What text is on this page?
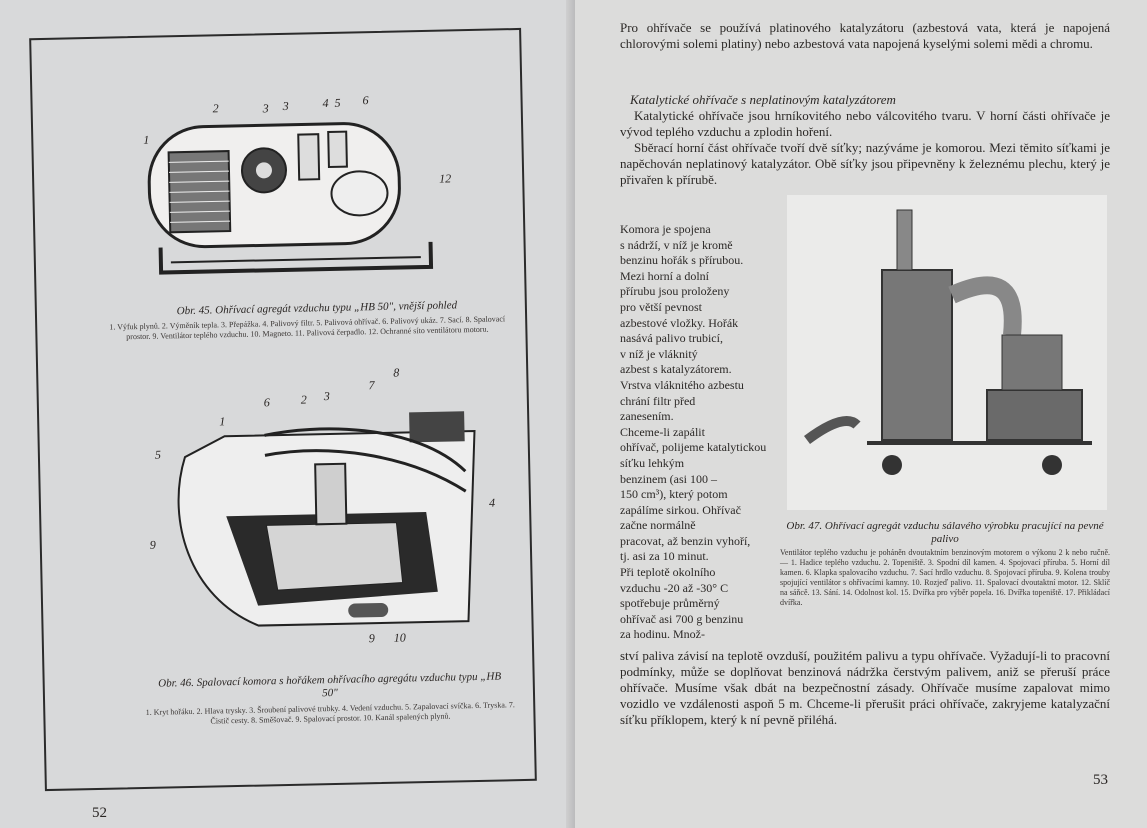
1
2	3 3	4 5 6
12
Obr. 45. Ohřívací agregát vzduchu typu „HB 50", vnější pohled
1. Výfuk plynů. 2. Výměník tepla. 3. Přepážka. 4. Palivový filtr. 5. Palivová ohřívač. 6. Palivový ukáz. 7. Sací. 8. Spalovací prostor. 9. Ventilátor teplého vzduchu. 10. Magneto. 11. Palivová čerpadlo. 12. Ochranné síto ventilátoru motoru.
5
1
6	2 3
7
8
4
9
9 10
Obr. 46. Spalovací komora s hořákem ohřívacího agregátu vzduchu typu „HB 50"
1. Kryt hořáku. 2. Hlava trysky. 3. Šroubení palivové trubky. 4. Vedení vzduchu. 5. Zapalovací svíčka. 6. Tryska. 7. Čistič cesty. 8. Směšovač. 9. Spalovací prostor. 10. Kanál spalených plynů.
52
Pro ohřívače se používá platinového katalyzátoru (azbestová vata, která je napojená chlorovými solemi platiny) nebo azbestová vata napojená kyselými solemi mědi a chromu.
Katalytické ohřívače s neplatinovým katalyzátorem
Katalytické ohřívače jsou hrníkovitého nebo válcovitého tvaru. V horní části ohřívače je vývod teplého vzduchu a zplodin hoření.
Sběrací horní část ohřívače tvoří dvě síťky; nazýváme je komorou. Mezi těmito síťkami je napěchován neplatinový katalyzátor. Obě síťky jsou připevněny k železnému plechu, který je přivařen k přírubě.
Komora je spojena
s nádrží, v níž je kromě
benzinu hořák s přírubou.
Mezi horní a dolní
přírubu jsou proloženy
pro větší pevnost
azbestové vložky. Hořák
nasává palivo trubicí,
v níž je vláknitý
azbest s katalyzátorem.
Vrstva vláknitého azbestu
chrání filtr před
zanesením.
Chceme-li zapálit
ohřívač, polijeme katalytickou
síťku lehkým
benzinem (asi 100 –
150 cm³), který potom
zapálíme sirkou. Ohřívač
začne normálně
pracovat, až benzin vyhoří,
tj. asi za 10 minut.
Při teplotě okolního
vzduchu -20 až -30° C
spotřebuje průměrný
ohřívač asi 700 g benzinu
za hodinu. Množ-
Obr. 47. Ohřívací agregát vzduchu sálavého výrobku pracující na pevné palivo
Ventilátor teplého vzduchu je poháněn dvoutaktním benzinovým motorem o výkonu 2 k nebo ručně. — 1. Hadice teplého vzduchu. 2. Topeniště. 3. Spodní díl kamen. 4. Spojovací příruba. 5. Horní díl kamen. 6. Klapka spalovacího vzduchu. 7. Sací hrdlo vzduchu. 8. Spojovací příruba. 9. Kolena trouby spojující ventilátor s ohřívacími kamny. 10. Rozjeď palivo. 11. Spalovací dvoutaktní motor. 12. Sklíč na sáňcě. 13. Sání. 14. Odolnost kol. 15. Dvířka pro výběr popela. 16. Dvířka topeniště. 17. Přikládací dvířka.
ství paliva závisí na teplotě ovzduší, použitém palivu a typu ohřívače. Vyžadují-li to pracovní podmínky, může se doplňovat benzinová nádržka čerstvým palivem, aniž se přeruší práce ohřívače. Musíme však dbát na bezpečnostní zásady. Ohřívače musíme zapalovat mimo vozidlo ve vzdálenosti aspoň 5 m. Chceme-li přerušit práci ohřívače, zakryjeme katalyzační síťku příklopem, který k ní pevně přiléhá.
53
